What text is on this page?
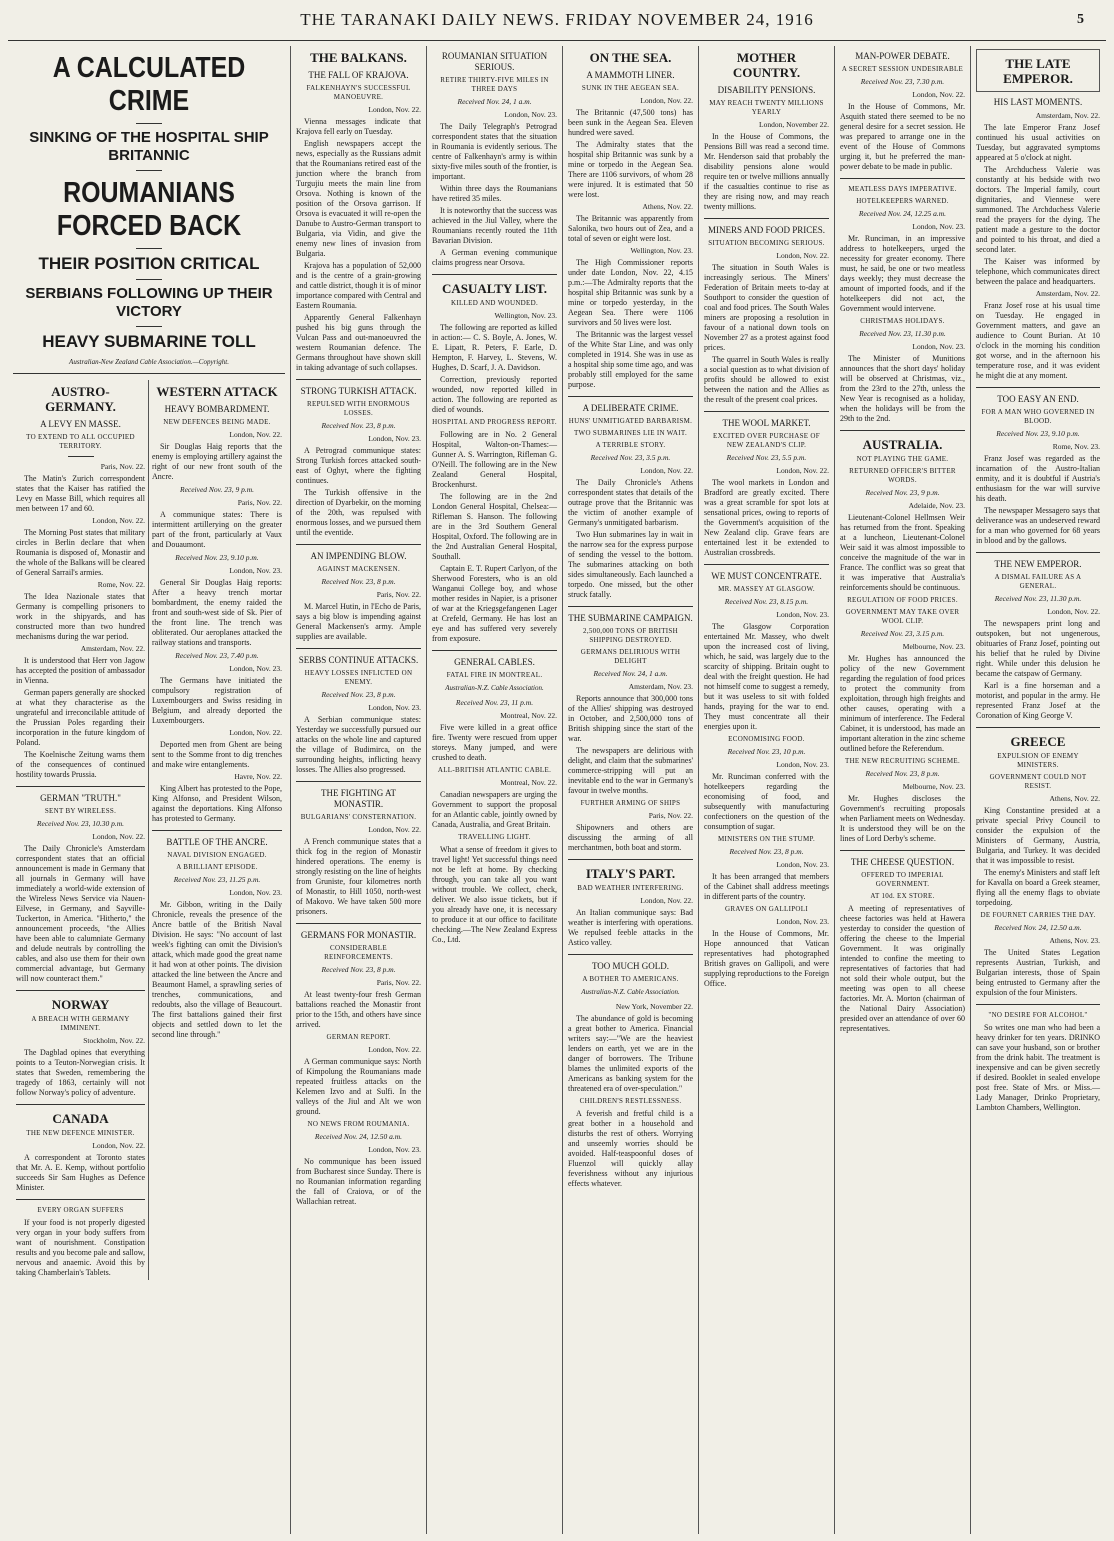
THE TARANAKI DAILY NEWS. FRIDAY NOVEMBER 24, 1916	5
A CALCULATED CRIME
SINKING OF THE HOSPITAL SHIP BRITANNIC
ROUMANIANS FORCED BACK
THEIR POSITION CRITICAL
SERBIANS FOLLOWING UP THEIR VICTORY
HEAVY SUBMARINE TOLL
Australian-New Zealand Cable Association.—Copyright.
AUSTRO-GERMANY.
A LEVY EN MASSE.
TO EXTEND TO ALL OCCUPIED TERRITORY.
Paris, Nov. 22.

The Matin's Zurich correspondent states that the Kaiser has ratified the Levy en Masse Bill, which requires all men between 17 and 60.

London, Nov. 22.

The Morning Post states that military circles in Berlin declare that when Roumania is disposed of, Monastir and the whole of the Balkans will be cleared of General Sarrail's armies.

Rome, Nov. 22.

The Idea Nazionale states that Germany is compelling prisoners to work in the shipyards, and has constructed more than two hundred mechanisms during the war period.

Amsterdam, Nov. 22.

It is understood that Herr von Jagow has accepted the position of ambassador in Vienna.

German papers generally are shocked at what they characterise as the ungrateful and irreconcilable attitude of the Prussian Poles regarding their incorporation in the future kingdom of Poland.

The Koelnische Zeitung warns them of the consequences of continued hostility towards Prussia.

GERMAN "TRUTH."
SENT BY WIRELESS.
Received Nov. 23, 10.30 p.m.
London, Nov. 22.

The Daily Chronicle's Amsterdam correspondent states that an official announcement is made in Germany that all journals in Germany will have immediately a world-wide extension of the Wireless News Service via Nauen-Eilvese, in Germany, and Sayville-Tuckerton, in America. "Hitherto," the announcement proceeds, "the Allies have been able to calumniate Germany and delude neutrals by controlling the cables, and also use them for their own commercial advantage, but Germany will now counteract them."

NORWAY
A BREACH WITH GERMANY IMMINENT.
Stockholm, Nov. 22.

The Dagblad opines that everything points to a Teuton-Norwegian crisis. It states that Sweden, remembering the tragedy of 1863, certainly will not follow Norway's policy of adventure.

CANADA
THE NEW DEFENCE MINISTER.
London, Nov. 22.

A correspondent at Toronto states that Mr. A. E. Kemp, without portfolio succeeds Sir Sam Hughes as Defence Minister.

EVERY ORGAN SUFFERS

If your food is not properly digested very organ in your body suffers from want of nourishment. Constipation results and you become pale and sallow, nervous and anaemic. Avoid this by taking Chamberlain's Tablets.

WESTERN ATTACK
HEAVY BOMBARDMENT.
NEW DEFENCES BEING MADE.
London, Nov. 22.

Sir Douglas Haig reports that the enemy is employing artillery against the right of our new front south of the Ancre.

Received Nov. 23, 9 p.m.
Paris, Nov. 22.

A communique states: There is intermittent artillerying on the greater part of the front, particularly at Vaux and Douaumont.

Received Nov. 23, 9.10 p.m.
London, Nov. 23.

General Sir Douglas Haig reports: After a heavy trench mortar bombardment, the enemy raided the front and south-west side of Sk. Pier of the front line. The trench was obliterated. Our aeroplanes attacked the railway stations and transports.

Received Nov. 23, 7.40 p.m.
London, Nov. 23.

The Germans have initiated the compulsory registration of Luxembourgers and Swiss residing in Belgium, and already deported the Luxembourgers.

London, Nov. 22.

Deported men from Ghent are being sent to the Somme front to dig trenches and make wire entanglements.

Havre, Nov. 22.

King Albert has protested to the Pope, King Alfonso, and President Wilson, against the deportations. King Alfonso has protested to Germany.

BATTLE OF THE ANCRE.
NAVAL DIVISION ENGAGED.
A BRILLIANT EPISODE.
Received Nov. 23, 11.25 p.m.
London, Nov. 23.

Mr. Gibbon, writing in the Daily Chronicle, reveals the presence of the Ancre battle of the British Naval Division. He says: "No account of last week's fighting can omit the Division's attack, which made good the great name it had won at other points. The division attacked the line between the Ancre and Beaumont Hamel, a sprawling series of trenches, communications, and redoubts, also the village of Beaucourt. The first battalions gained their first objects and settled down to let the second line through."

THE BALKANS.
THE FALL OF KRAJOVA.
FALKENHAYN'S SUCCESSFUL MANOEUVRE.
London, Nov. 22.

Vienna messages indicate that Krajova fell early on Tuesday.

English newspapers accept the news, especially as the Russians admit that the Roumanians retired east of the junction where the branch from Turgujiu meets the main line from Orsova. Nothing is known of the position of the Orsova garrison. If Orsova is evacuated it will re-open the Danube to Austro-German transport to Bulgaria, via Vidin, and give the enemy new lines of invasion from Bulgaria.

Krajova has a population of 52,000 and is the centre of a grain-growing and cattle district, though it is of minor importance compared with Central and Eastern Roumania.

Apparently General Falkenhayn pushed his big guns through the Vulcan Pass and out-manoeuvred the western Roumanian defence. The Germans throughout have shown skill in taking advantage of such collapses.

STRONG TURKISH ATTACK.
REPULSED WITH ENORMOUS LOSSES.
Received Nov. 23, 8 p.m.
London, Nov. 23.

A Petrograd communique states: Strong Turkish forces attacked south-east of Oghyt, where the fighting continues.

The Turkish offensive in the direction of Dyarbekir, on the morning of the 20th, was repulsed with enormous losses, and we pursued them until the eventide.

AN IMPENDING BLOW.
AGAINST MACKENSEN.
Received Nov. 23, 8 p.m.
Paris, Nov. 22.

M. Marcel Hutin, in l'Echo de Paris, says a big blow is impending against General Mackensen's army. Ample supplies are available.

SERBS CONTINUE ATTACKS.
HEAVY LOSSES INFLICTED ON ENEMY.
Received Nov. 23, 8 p.m.
London, Nov. 23.

A Serbian communique states: Yesterday we successfully pursued our attacks on the whole line and captured the village of Budimirca, on the surrounding heights, inflicting heavy losses. The Allies also progressed.

THE FIGHTING AT MONASTIR.
BULGARIANS' CONSTERNATION.
London, Nov. 22.

A French communique states that a thick fog in the region of Monastir hindered operations. The enemy is strongly resisting on the line of heights from Gruniste, four kilometres north of Monastir, to Hill 1050, north-west of Makovo. We have taken 500 more prisoners.

GERMANS FOR MONASTIR.
CONSIDERABLE REINFORCEMENTS.
Received Nov. 23, 8 p.m.
Paris, Nov. 22.

At least twenty-four fresh German battalions reached the Monastir front prior to the 15th, and others have since arrived.

GERMAN REPORT.
London, Nov. 22.

A German communique says: North of Kimpolung the Roumanians made repeated fruitless attacks on the Kelemen Izvo and at Sulfi. In the valleys of the Jiul and Alt we won ground.

NO NEWS FROM ROUMANIA.
Received Nov. 24, 12.50 a.m.
London, Nov. 23.

No communique has been issued from Bucharest since Sunday. There is no Roumanian information regarding the fall of Craiova, or of the Wallachian retreat.

ROUMANIAN SITUATION SERIOUS.
RETIRE THIRTY-FIVE MILES IN THREE DAYS
Received Nov. 24, 1 a.m.
London, Nov. 23.

The Daily Telegraph's Petrograd correspondent states that the situation in Roumania is evidently serious. The centre of Falkenhayn's army is within sixty-five miles south of the frontier, is important.

Within three days the Roumanians have retired 35 miles.

It is noteworthy that the success was achieved in the Jiul Valley, where the Roumanians recently routed the 11th Bavarian Division.

A German evening communique claims progress near Orsova.

CASUALTY LIST.
KILLED AND WOUNDED.
Wellington, Nov. 23.

The following are reported as killed in action:— C. S. Boyle, A. Jones, W. E. Lipatt, R. Peters, F. Earle, D. Hempton, F. Harvey, L. Stevens, W. Hughes, D. Scarf, J. A. Davidson.

Correction, previously reported wounded, now reported killed in action. The following are reported as died of wounds.

HOSPITAL AND PROGRESS REPORT.

Following are in No. 2 General Hospital, Walton-on-Thames:—Gunner A. S. Warrington, Rifleman G. O'Neill. The following are in the New Zealand General Hospital, Brockenhurst.

The following are in the 2nd London General Hospital, Chelsea:—Rifleman S. Hanson. The following are in the 3rd Southern General Hospital, Oxford. The following are in the 2nd Australian General Hospital, Southall.

Captain E. T. Rupert Carlyon, of the Sherwood Foresters, who is an old Wanganui College boy, and whose mother resides in Napier, is a prisoner of war at the Kriegsgefangenen Lager at Crefeld, Germany. He has lost an eye and has suffered very severely from exposure.

GENERAL CABLES.
FATAL FIRE IN MONTREAL.
Australian-N.Z. Cable Association.
Received Nov. 23, 11 p.m.
Montreal, Nov. 22.

Five were killed in a great office fire. Twenty were rescued from upper storeys. Many jumped, and were crushed to death.

ALL-BRITISH ATLANTIC CABLE.
Montreal, Nov. 22.

Canadian newspapers are urging the Government to support the proposal for an Atlantic cable, jointly owned by Canada, Australia, and Great Britain.

TRAVELLING LIGHT.

What a sense of freedom it gives to travel light! Yet successful things need not be left at home. By checking through, you can take all you want without trouble. We collect, check, deliver. We also issue tickets, but if you already have one, it is necessary to produce it at our office to facilitate checking.—The New Zealand Express Co., Ltd.

ON THE SEA.
A MAMMOTH LINER.
SUNK IN THE AEGEAN SEA.
London, Nov. 22.

The Britannic (47,500 tons) has been sunk in the Aegean Sea. Eleven hundred were saved.

The Admiralty states that the hospital ship Britannic was sunk by a mine or torpedo in the Aegean Sea. There are 1106 survivors, of whom 28 were injured. It is estimated that 50 were lost.

Athens, Nov. 22.

The Britannic was apparently from Salonika, two hours out of Zea, and a total of seven or eight were lost.

Wellington, Nov. 23.

The High Commissioner reports under date London, Nov. 22, 4.15 p.m.:—The Admiralty reports that the hospital ship Britannic was sunk by a mine or torpedo yesterday, in the Aegean Sea. There were 1106 survivors and 50 lives were lost.

The Britannic was the largest vessel of the White Star Line, and was only completed in 1914. She was in use as a hospital ship some time ago, and was probably still employed for the same purpose.

A DELIBERATE CRIME.
HUNS' UNMITIGATED BARBARISM.
TWO SUBMARINES LIE IN WAIT.
A TERRIBLE STORY.
Received Nov. 23, 3.5 p.m.
London, Nov. 22.

The Daily Chronicle's Athens correspondent states that details of the outrage prove that the Britannic was the victim of another example of Germany's unmitigated barbarism.

Two Hun submarines lay in wait in the narrow sea for the express purpose of sending the vessel to the bottom. The submarines attacking on both sides simultaneously. Each launched a torpedo. One missed, but the other struck fatally.

THE SUBMARINE CAMPAIGN.
2,500,000 TONS OF BRITISH SHIPPING DESTROYED.
GERMANS DELIRIOUS WITH DELIGHT
Received Nov. 24, 1 a.m.
Amsterdam, Nov. 23.

Reports announce that 300,000 tons of the Allies' shipping was destroyed in October, and 2,500,000 tons of British shipping since the start of the war.

The newspapers are delirious with delight, and claim that the submarines' commerce-stripping will put an inevitable end to the war in Germany's favour in twelve months.

FURTHER ARMING OF SHIPS
Paris, Nov. 22.

Shipowners and others are discussing the arming of all merchantmen, both boat and storm.

ITALY'S PART.
BAD WEATHER INTERFERING.
London, Nov. 22.

An Italian communique says: Bad weather is interfering with operations. We repulsed feeble attacks in the Astico valley.

TOO MUCH GOLD.
A BOTHER TO AMERICANS.
Australian-N.Z. Cable Association.
New York, November 22.

The abundance of gold is becoming a great bother to America. Financial writers say:—"We are the heaviest lenders on earth, yet we are in the danger of borrowers. The Tribune blames the unlimited exports of the Americans as banking system for the threatened era of over-speculation."

CHILDREN'S RESTLESSNESS.

A feverish and fretful child is a great bother in a household and disturbs the rest of others. Worrying and unseemly worries should be avoided. Half-teaspoonful doses of Fluenzol will quickly allay feverishness without any injurious effects whatever.

MOTHER COUNTRY.
DISABILITY PENSIONS.
MAY REACH TWENTY MILLIONS YEARLY
London, November 22.

In the House of Commons, the Pensions Bill was read a second time. Mr. Henderson said that probably the disability pensions alone would require ten or twelve millions annually if the casualties continue to rise as they are rising now, and may reach twenty millions.

MINERS AND FOOD PRICES.
SITUATION BECOMING SERIOUS.
London, Nov. 22.

The situation in South Wales is increasingly serious. The Miners' Federation of Britain meets to-day at Southport to consider the question of coal and food prices. The South Wales miners are proposing a resolution in favour of a national down tools on November 27 as a protest against food prices.

The quarrel in South Wales is really a social question as to what division of profits should be allowed to exist between the nation and the Allies as the result of the present coal prices.

THE WOOL MARKET.
EXCITED OVER PURCHASE OF NEW ZEALAND'S CLIP.
Received Nov. 23, 5.5 p.m.
London, Nov. 22.

The wool markets in London and Bradford are greatly excited. There was a great scramble for spot lots at sensational prices, owing to reports of the Government's acquisition of the New Zealand clip. Grave fears are entertained lest it be extended to Australian crossbreds.

WE MUST CONCENTRATE.
MR. MASSEY AT GLASGOW.
Received Nov. 23, 8.15 p.m.
London, Nov. 23.

The Glasgow Corporation entertained Mr. Massey, who dwelt upon the increased cost of living, which, he said, was largely due to the scarcity of shipping. Britain ought to deal with the freight question. He had not himself come to suggest a remedy, but it was useless to sit with folded hands, praying for the war to end. They must concentrate all their energies upon it.

ECONOMISING FOOD.
Received Nov. 23, 10 p.m.
London, Nov. 23.

Mr. Runciman conferred with the hotelkeepers regarding the economising of food, and subsequently with manufacturing confectioners on the question of the consumption of sugar.

MINISTERS ON THE STUMP.
Received Nov. 23, 8 p.m.
London, Nov. 23.

It has been arranged that members of the Cabinet shall address meetings in different parts of the country.

GRAVES ON GALLIPOLI
London, Nov. 23.

In the House of Commons, Mr. Hope announced that Vatican representatives had photographed British graves on Gallipoli, and were supplying reproductions to the Foreign Office.

MAN-POWER DEBATE.
A SECRET SESSION UNDESIRABLE
Received Nov. 23, 7.30 p.m.
London, Nov. 22.

In the House of Commons, Mr. Asquith stated there seemed to be no general desire for a secret session. He was prepared to arrange one in the event of the House of Commons urging it, but he preferred the man-power debate to be made in public.

MEATLESS DAYS IMPERATIVE.
HOTELKEEPERS WARNED.
Received Nov. 24, 12.25 a.m.
London, Nov. 23.

Mr. Runciman, in an impressive address to hotelkeepers, urged the necessity for greater economy. There must, he said, be one or two meatless days weekly; they must decrease the amount of imported foods, and if the hotelkeepers did not act, the Government would intervene.

CHRISTMAS HOLIDAYS.
Received Nov. 23, 11.30 p.m.
London, Nov. 23.

The Minister of Munitions announces that the short days' holiday will be observed at Christmas, viz., from the 23rd to the 27th, unless the New Year is recognised as a holiday, when the holidays will be from the 29th to the 2nd.

AUSTRALIA.
NOT PLAYING THE GAME.
RETURNED OFFICER'S BITTER WORDS.
Received Nov. 23, 9 p.m.
Adelaide, Nov. 23.

Lieutenant-Colonel Hellmsen Weir has returned from the front. Speaking at a luncheon, Lieutenant-Colonel Weir said it was almost impossible to conceive the magnitude of the war in France. The conflict was so great that it was imperative that Australia's reinforcements should be continuous.

REGULATION OF FOOD PRICES.
GOVERNMENT MAY TAKE OVER WOOL CLIP.
Received Nov. 23, 3.15 p.m.
Melbourne, Nov. 23.

Mr. Hughes has announced the policy of the new Government regarding the regulation of food prices to protect the community from exploitation, through high freights and other causes, operating with a minimum of interference. The Federal Cabinet, it is understood, has made an important alteration in the zinc scheme outlined before the Referendum.

THE NEW RECRUITING SCHEME.
Received Nov. 23, 8 p.m.
Melbourne, Nov. 23.

Mr. Hughes discloses the Government's recruiting proposals when Parliament meets on Wednesday. It is understood they will be on the lines of Lord Derby's scheme.

THE CHEESE QUESTION.
OFFERED TO IMPERIAL GOVERNMENT.
AT 10d. EX STORE.

A meeting of representatives of cheese factories was held at Hawera yesterday to consider the question of offering the cheese to the Imperial Government. It was originally intended to confine the meeting to representatives of factories that had not sold their whole output, but the meeting was open to all cheese factories. Mr. A. Morton (chairman of the National Dairy Association) presided over an attendance of over 60 representatives.

THE LATE EMPEROR.
HIS LAST MOMENTS.
Amsterdam, Nov. 22.

The late Emperor Franz Josef continued his usual activities on Tuesday, but aggravated symptoms appeared at 5 o'clock at night.

The Archduchess Valerie was constantly at his bedside with two doctors. The Imperial family, court dignitaries, and Viennese were summoned. The Archduchess Valerie read the prayers for the dying. The patient made a gesture to the doctor and pointed to his throat, and died a second later.

The Kaiser was informed by telephone, which communicates direct between the palace and headquarters.

Amsterdam, Nov. 22.

Franz Josef rose at his usual time on Tuesday. He engaged in Government matters, and gave an audience to Count Burian. At 10 o'clock in the morning his condition got worse, and in the afternoon his temperature rose, and it was evident he might die at any moment.

TOO EASY AN END.
FOR A MAN WHO GOVERNED IN BLOOD.
Received Nov. 23, 9.10 p.m.
Rome, Nov. 23.

Franz Josef was regarded as the incarnation of the Austro-Italian enmity, and it is doubtful if Austria's enthusiasm for the war will survive his death.

The newspaper Messagero says that deliverance was an undeserved reward for a man who governed for 68 years in blood and by the gallows.

THE NEW EMPEROR.
A DISMAL FAILURE AS A GENERAL.
Received Nov. 23, 11.30 p.m.
London, Nov. 22.

The newspapers print long and outspoken, but not ungenerous, obituaries of Franz Josef, pointing out his belief that he ruled by Divine right. While under this delusion he became the catspaw of Germany.

Karl is a fine horseman and a motorist, and popular in the army. He represented Franz Josef at the Coronation of King George V.

GREECE
EXPULSION OF ENEMY MINISTERS.
GOVERNMENT COULD NOT RESIST.
Athens, Nov. 22.

King Constantine presided at a private special Privy Council to consider the expulsion of the Ministers of Germany, Austria, Bulgaria, and Turkey. It was decided that it was impossible to resist.

The enemy's Ministers and staff left for Kavalla on board a Greek steamer, flying all the enemy flags to obviate torpedoing.

DE FOURNET CARRIES THE DAY.
Received Nov. 24, 12.50 a.m.
Athens, Nov. 23.

The United States Legation represents Austrian, Turkish, and Bulgarian interests, those of Spain being entrusted to Germany after the expulsion of the four Ministers.

"NO DESIRE FOR ALCOHOL"

So writes one man who had been a heavy drinker for ten years. DRINKO can save your husband, son or brother from the drink habit. The treatment is inexpensive and can be given secretly if desired. Booklet in sealed envelope post free. State of Mrs. or Miss.—Lady Manager, Drinko Proprietary, Lambton Chambers, Wellington.
